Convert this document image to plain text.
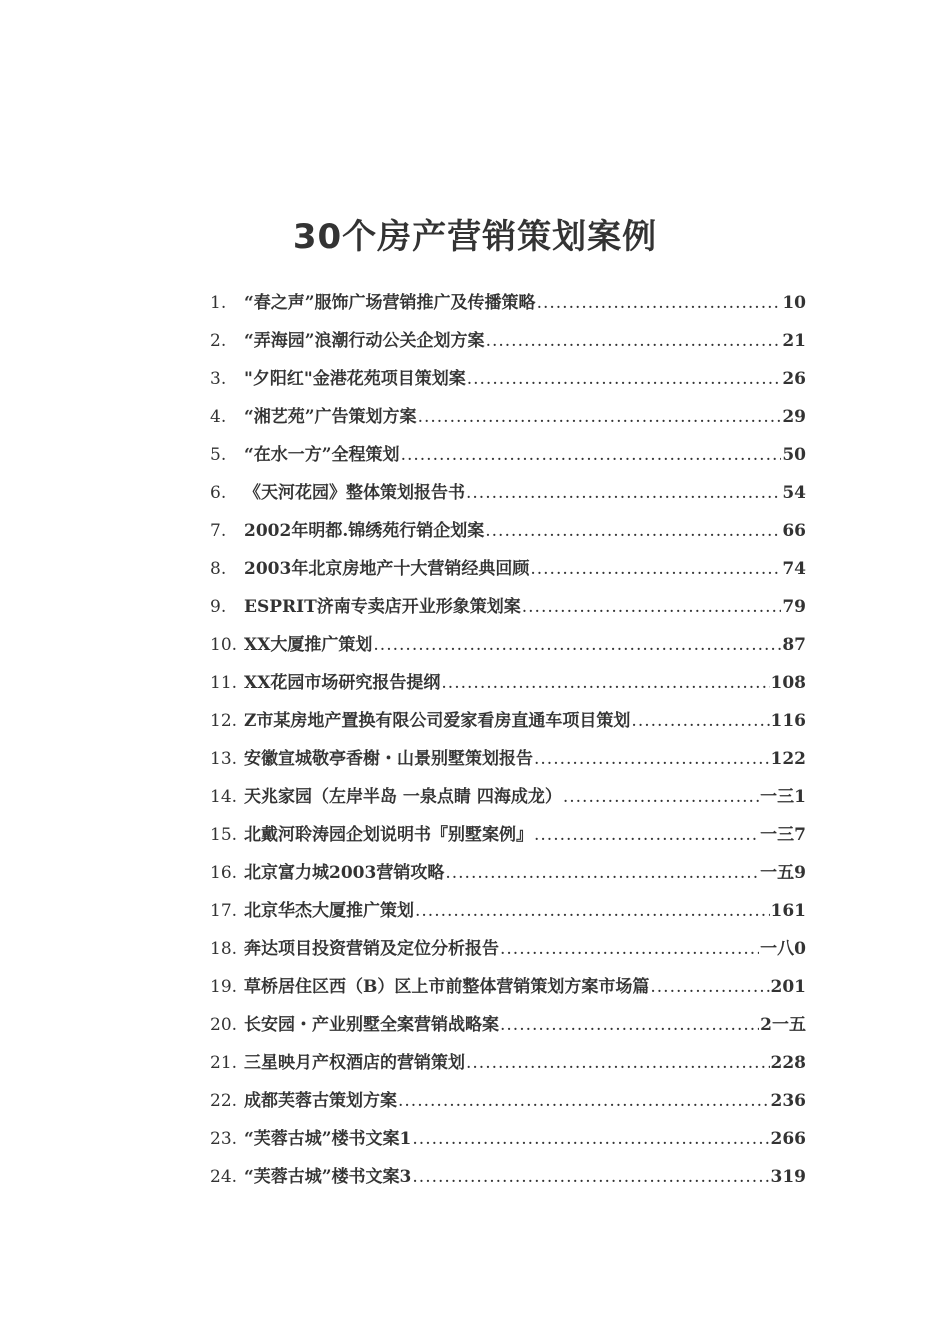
30个房产营销策划案例
1.	“春之声”服饰广场营销推广及传播策略 .....	10
2.	“弄海园”浪潮行动公关企划方案 .....	21
3.	"夕阳红"金港花苑项目策划案 .....	26
4.	“湘艺苑”广告策划方案 .....	29
5.	“在水一方”全程策划 .....	50
6.	《天河花园》整体策划报告书 .....	54
7.	2002年明都.锦绣苑行销企划案 .....	66
8.	2003年北京房地产十大营销经典回顾 .....	74
9.	ESPRIT济南专卖店开业形象策划案 .....	79
10. XX大厦推广策划 .....	87
11. XX花园市场研究报告提纲 .....	108
12. Z市某房地产置换有限公司爱家看房直通车项目策划 .....	116
13. 安徽宣城敬亭香榭・山景别墅策划报告 .....	122
14. 天兆家园（左岸半岛 一泉点睛 四海成龙） .....	一三1
15. 北戴河聆涛园企划说明书『别墅案例』 .....	一三7
16. 北京富力城2003营销攻略 .....	一五9
17. 北京华杰大厦推广策划 .....	161
18. 奔达项目投资营销及定位分析报告 .....	一八0
19. 草桥居住区西（B）区上市前整体营销策划方案市场篇 .....	201
20. 长安园・产业别墅全案营销战略案 .....	2一五
21. 三星映月产权酒店的营销策划 .....	228
22. 成都芙蓉古策划方案 .....	236
23. “芙蓉古城”楼书文案1 .....	266
24. “芙蓉古城”楼书文案3 .....	319
